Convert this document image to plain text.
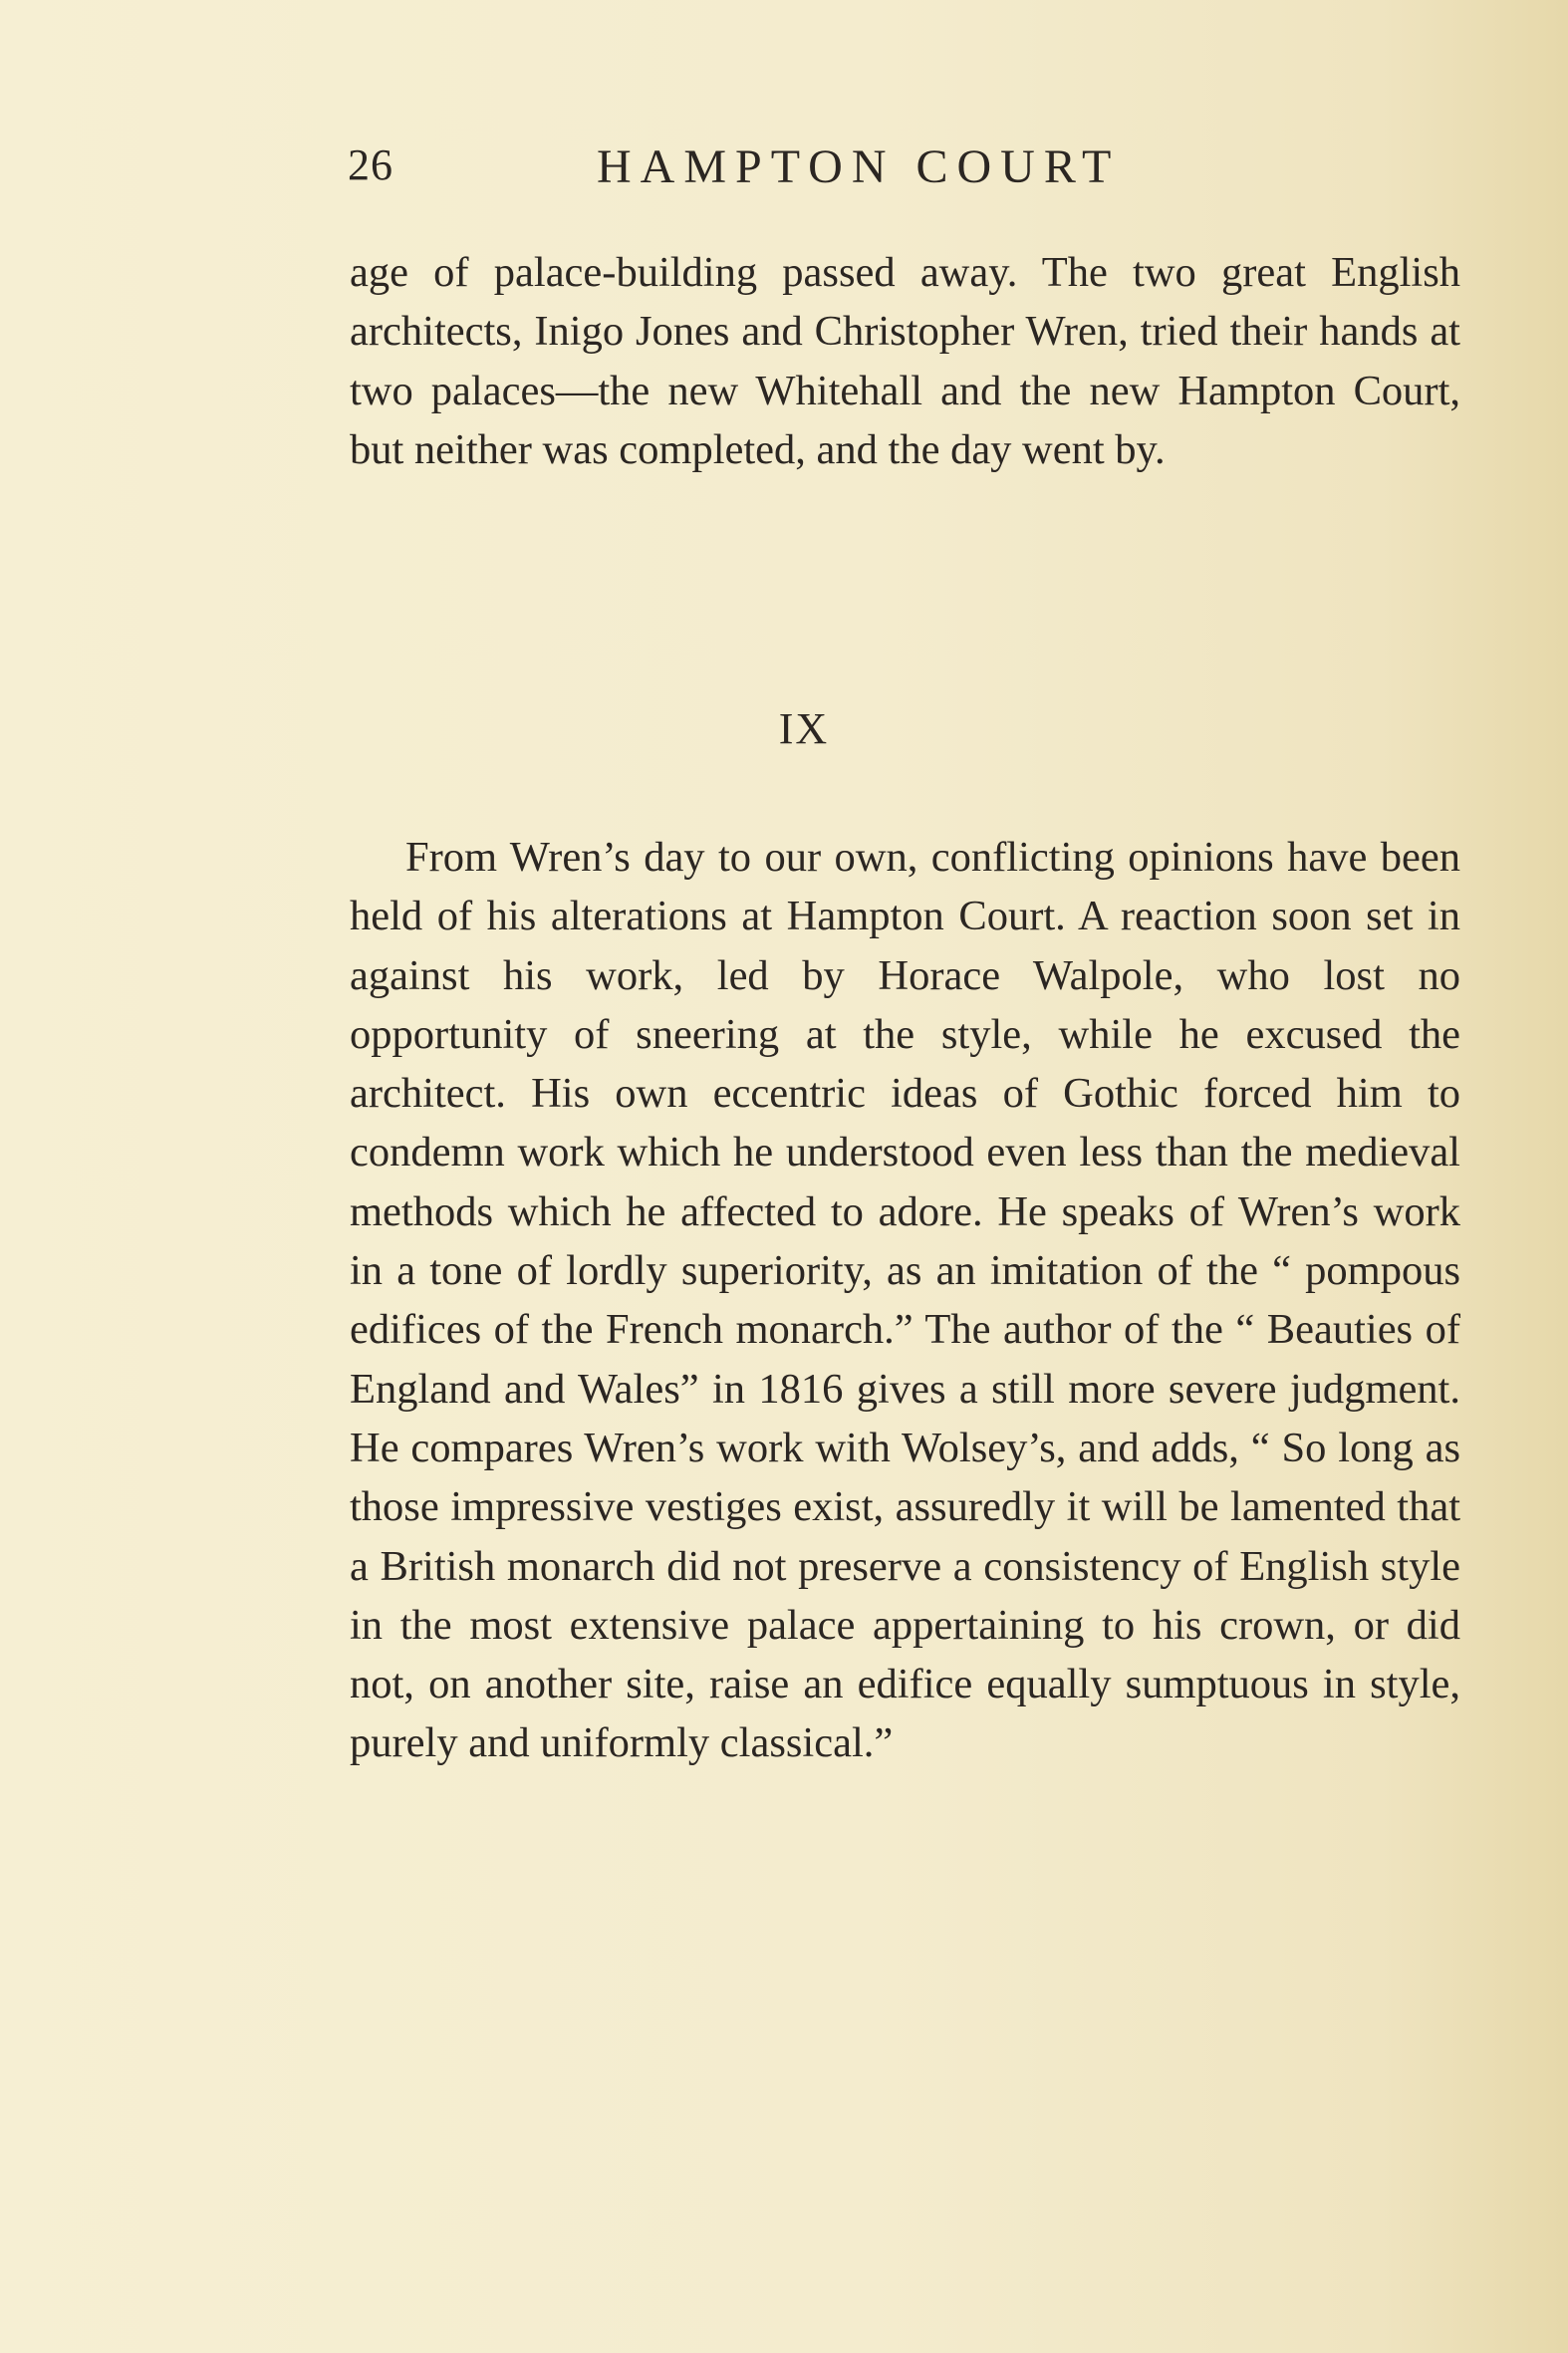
26	HAMPTON COURT

age of palace-building passed away. The two great English architects, Inigo Jones and Christopher Wren, tried their hands at two palaces—the new Whitehall and the new Hampton Court, but neither was completed, and the day went by.

IX

From Wren’s day to our own, conflicting opinions have been held of his alterations at Hampton Court. A reaction soon set in against his work, led by Horace Walpole, who lost no opportunity of sneering at the style, while he excused the architect. His own eccentric ideas of Gothic forced him to condemn work which he understood even less than the medieval methods which he affected to adore. He speaks of Wren’s work in a tone of lordly superiority, as an imitation of the “ pompous edifices of the French monarch.” The author of the “ Beauties of England and Wales” in 1816 gives a still more severe judgment. He compares Wren’s work with Wolsey’s, and adds, “ So long as those impressive vestiges exist, assuredly it will be lamented that a British monarch did not preserve a consistency of English style in the most extensive palace appertaining to his crown, or did not, on another site, raise an edifice equally sumptuous in style, purely and uniformly classical.”
